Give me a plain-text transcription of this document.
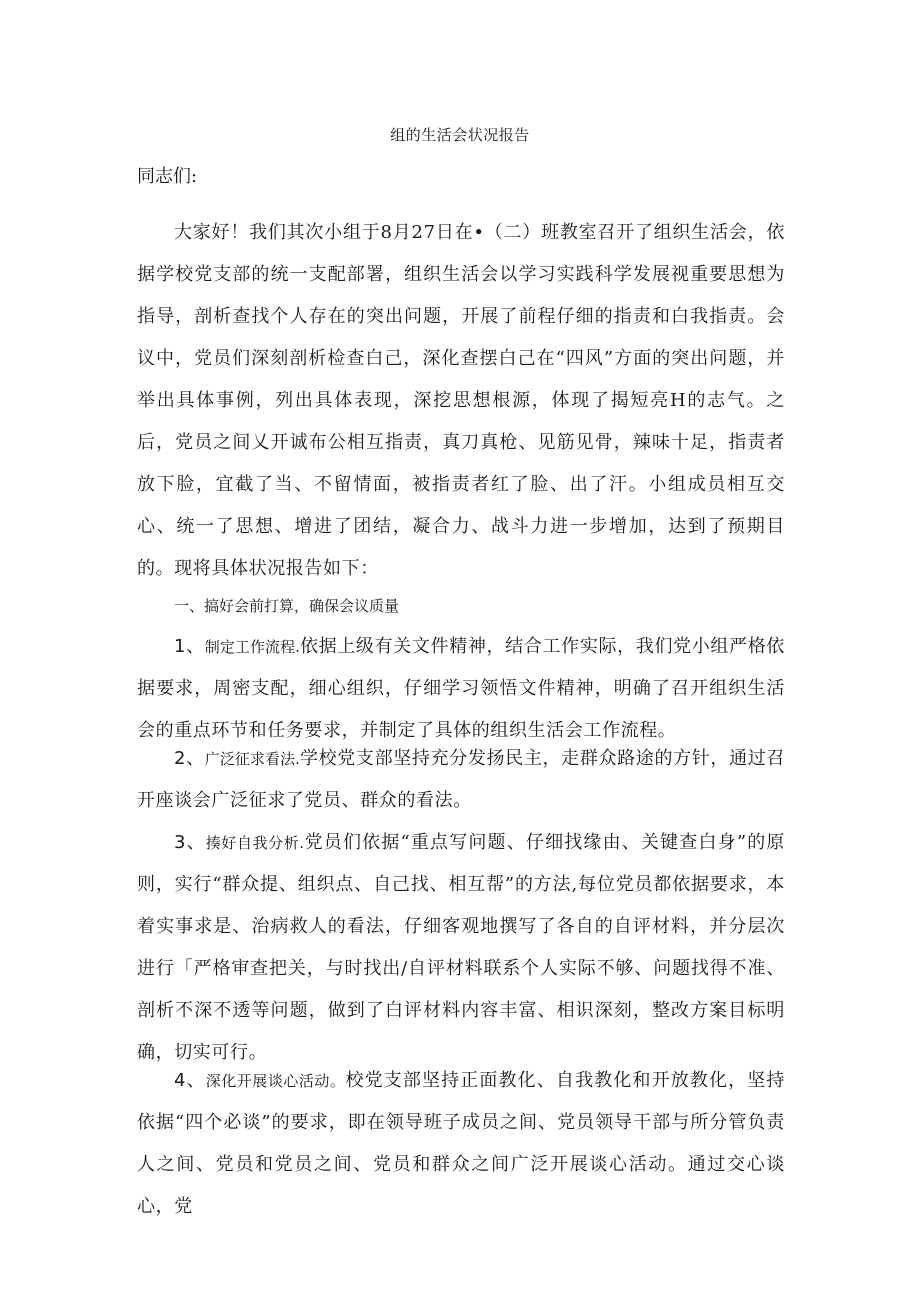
组的生活会状况报告
同志们:

大家好！我们其次小组于8月27日在•（二）班教室召开了组织生活会，依据学校党支部的统一支配部署，组织生活会以学习实践科学发展视重要思想为指导，剖析查找个人存在的突出问题，开展了前程仔细的指责和白我指责。会议中，党员们深刻剖析检查白己，深化查摆白己在“四风”方面的突出问题，并举出具体事例，列出具体表现，深挖思想根源，体现了揭短亮H的志气。之后，党员之间乂开诚布公相互指责，真刀真枪、见筋见骨，辣味十足，指责者放下脸，宜截了当、不留情面，被指责者红了脸、出了汗。小组成员相互交心、统一了思想、增进了团结，凝合力、战斗力进一步增加，达到了预期目的。现将具体状况报告如下：

一、搞好会前打算，确保会议质量

1、制定工作流程.依据上级有关文件精神，结合工作实际，我们党小组严格依据要求，周密支配，细心组织，仔细学习领悟文件精神，明确了召开组织生活会的重点环节和任务要求，并制定了具体的组织生活会工作流程。

2、广泛征求看法.学校党支部坚持充分发扬民主，走群众路途的方针，通过召开座谈会广泛征求了党员、群众的看法。

3、揍好自我分析.党员们依据“重点写问题、仔细找缘由、关键查白身”的原则，实行“群众提、组织点、自己找、相互帮”的方法,每位党员都依据要求，本着实事求是、治病救人的看法，仔细客观地撰写了各自的自评材料，并分层次进行「严格审查把关，与时找出/自评材料联系个人实际不够、问题找得不准、剖析不深不透等问题，做到了白评材料内容丰富、相识深刻，整改方案目标明确，切实可行。

4、深化开展谈心活动。校党支部坚持正面教化、自我教化和开放教化，坚持依据“四个必谈”的要求，即在领导班子成员之间、党员领导干部与所分管负责人之间、党员和党员之间、党员和群众之间广泛开展谈心活动。通过交心谈心，党
